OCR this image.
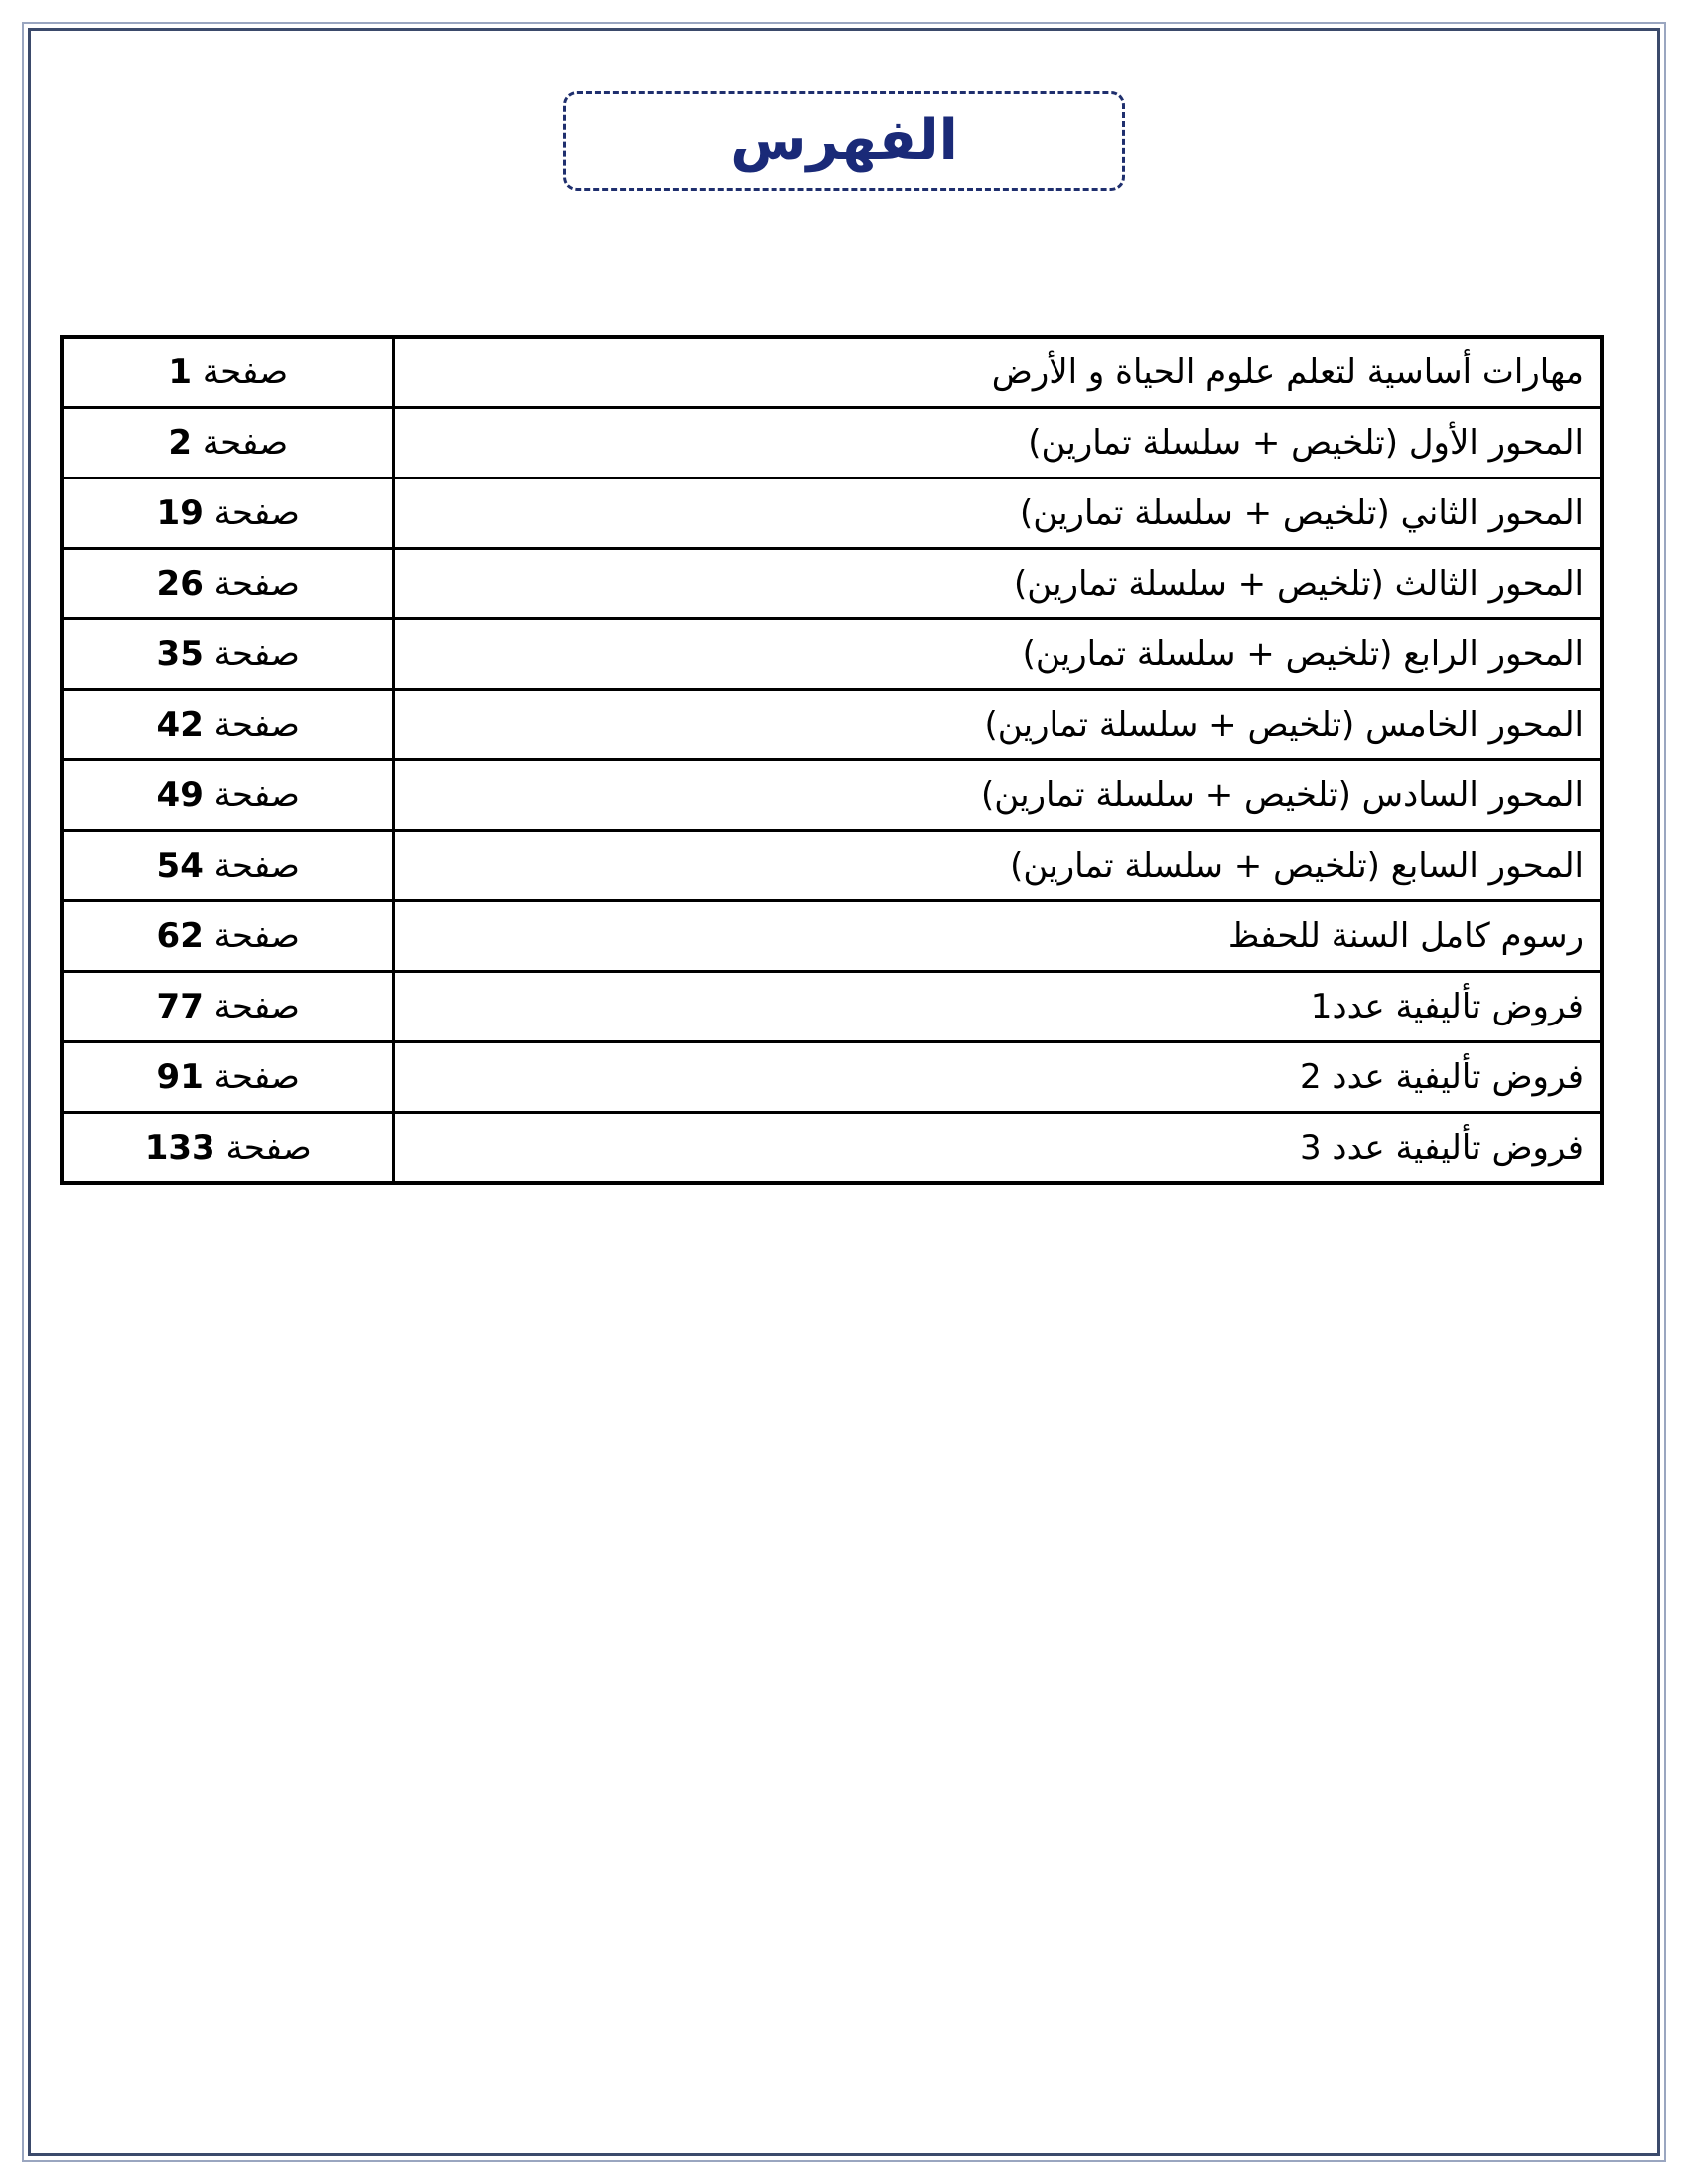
الفهرس
مهارات أساسية لتعلم علوم الحياة و الأرض	صفحة 1
المحور الأول (تلخيص + سلسلة تمارين)	صفحة 2
المحور الثاني (تلخيص + سلسلة تمارين)	صفحة 19
المحور الثالث (تلخيص + سلسلة تمارين)	صفحة 26
المحور الرابع (تلخيص + سلسلة تمارين)	صفحة 35
المحور الخامس (تلخيص + سلسلة تمارين)	صفحة 42
المحور السادس (تلخيص + سلسلة تمارين)	صفحة 49
المحور السابع (تلخيص + سلسلة تمارين)	صفحة 54
رسوم كامل السنة للحفظ	صفحة 62
فروض تأليفية عدد1	صفحة 77
فروض تأليفية عدد 2	صفحة 91
فروض تأليفية عدد 3	صفحة 133
